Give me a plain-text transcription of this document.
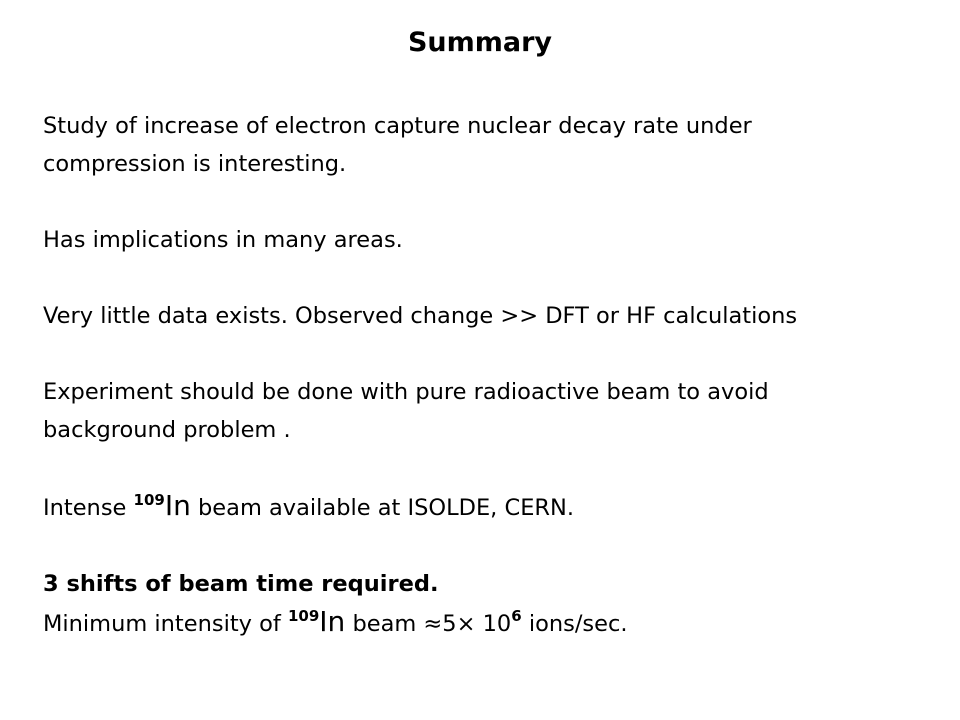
Summary

Study of increase of electron capture nuclear decay rate under

compression is interesting.

Has implications in many areas.

Very little data exists. Observed change >> DFT or HF calculations

Experiment should be done with pure radioactive beam to avoid

background problem .

Intense $^{109}$In beam available at ISOLDE, CERN.

3 shifts of beam time required.

Minimum intensity of $^{109}$In beam $\approx 5\times 10^6$ ions/sec.
